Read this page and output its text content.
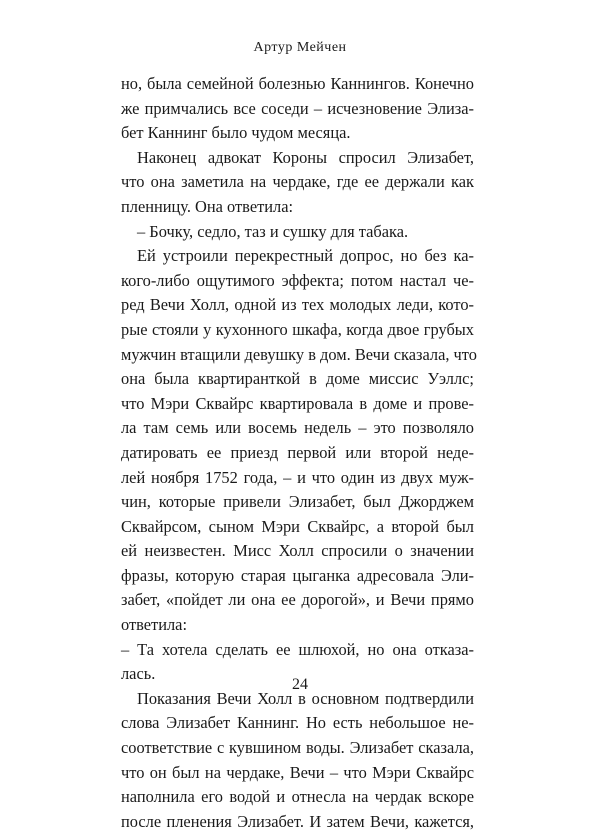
Артур Мейчен
но, была семейной болезнью Каннингов. Конечно
же примчались все соседи – исчезновение Элиза-
бет Каннинг было чудом месяца.
Наконец адвокат Короны спросил Элизабет,
что она заметила на чердаке, где ее держали как
пленницу. Она ответила:
– Бочку, седло, таз и сушку для табака.
Ей устроили перекрестный допрос, но без ка-
кого-либо ощутимого эффекта; потом настал че-
ред Вечи Холл, одной из тех молодых леди, кото-
рые стояли у кухонного шкафа, когда двое грубых
мужчин втащили девушку в дом. Вечи сказала, что
она была квартиранткой в доме миссис Уэллс;
что Мэри Сквайрс квартировала в доме и прове-
ла там семь или восемь недель – это позволяло
датировать ее приезд первой или второй неде-
лей ноября 1752 года, – и что один из двух муж-
чин, которые привели Элизабет, был Джорджем
Сквайрсом, сыном Мэри Сквайрс, а второй был
ей неизвестен. Мисс Холл спросили о значении
фразы, которую старая цыганка адресовала Эли-
забет, «пойдет ли она ее дорогой», и Вечи прямо
ответила:
– Та хотела сделать ее шлюхой, но она отказа-
лась.
Показания Вечи Холл в основном подтвердили
слова Элизабет Каннинг. Но есть небольшое не-
соответствие с кувшином воды. Элизабет сказала,
что он был на чердаке, Вечи – что Мэри Сквайрс
наполнила его водой и отнесла на чердак вскоре
после пленения Элизабет. И затем Вечи, кажется,
24
